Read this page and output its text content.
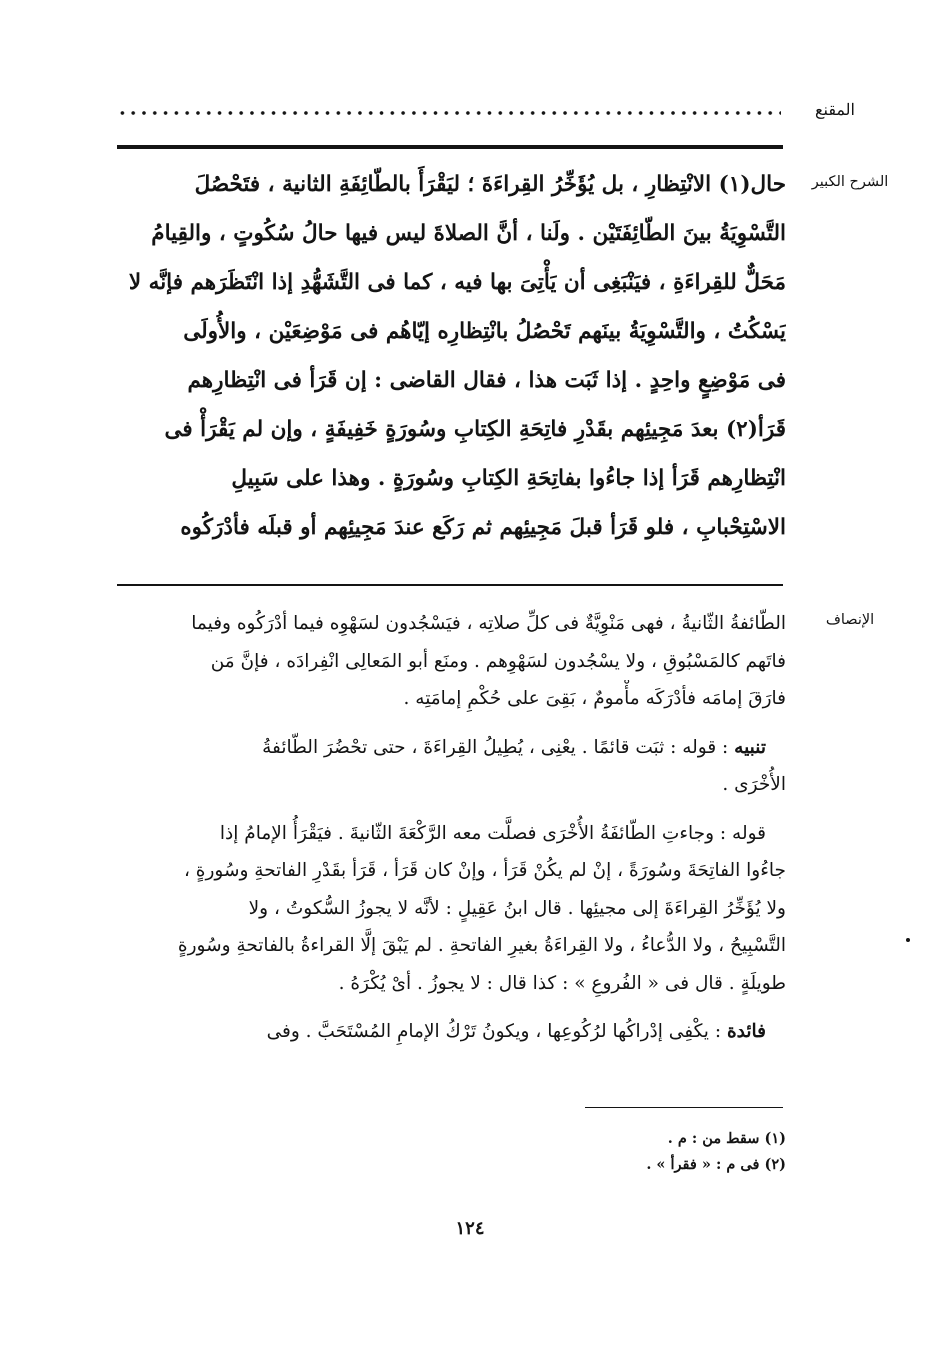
المقنع
الشرح الكبير
حال(١) الانْتِظارِ ، بل يُؤَخِّرُ القِراءَةَ ؛ ليَقْرَأَ بالطّائِفَةِ الثانية ، فتَحْصُلَ
التَّسْوِيَةُ بينَ الطّائِفَتَيْن . ولَنا ، أنَّ الصلاةَ ليس فيها حالُ سُكُوتٍ ، والقِيامُ
مَحَلٌّ للقِراءَةِ ، فيَنْبَغِى أن يَأْتِىَ بها فيه ، كما فى التَّشَهُّدِ إذا انْتَظَرَهم فإنَّه لا
يَسْكُتُ ، والتَّسْوِيَةُ بينَهم تَحْصُلُ بانْتِظارِه إيّاهُم فى مَوْضِعَيْن ، والأُولَى
فى مَوْضِعٍ واحِدٍ . إذا ثَبَت هذا ، فقال القاضى : إن قَرَأ فى انْتِظارِهم
قَرَأ(٢) بعدَ مَجِيئِهم بقَدْرِ فاتِحَةِ الكِتابِ وسُورَةٍ خَفِيفَةٍ ، وإن لم يَقْرَأْ فى
انْتِظارِهم قَرَأ إذا جاءُوا بفاتِحَةِ الكِتابِ وسُورَةٍ . وهذا على سَبِيلِ
الاسْتِحْبابِ ، فلو قَرَأ قبلَ مَجِيئِهم ثم رَكَع عندَ مَجِيئِهم أو قبلَه فأدْرَكُوه
الإنصاف
الطّائفةُ الثّانيةُ ، فهى مَنْوِيَّةٌ فى كلِّ صلاتِه ، فيَسْجُدون لسَهْوِه فيما أدْرَكُوه وفيما
فاتَهم كالمَسْبُوقِ ، ولا يسْجُدون لسَهْوِهم . ومنَع أبو المَعالِى انْفِرادَه ، فإنَّ مَن
فارَقَ إمامَه فأدْرَكَه مأْمومٌ ، بَقِىَ على حُكْمِ إمامَتِه .
تنبيه : قوله : ثبَت قائمًا . يعْنِى ، يُطِيلُ القِراءَةَ ، حتى تحْضُرَ الطّائفةُ
الأُخْرَى .
قوله : وجاءتِ الطّائفَةُ الأُخْرَى فصلَّت معه الرَّكْعَةَ الثّانيةَ . فيَقْرَأُ الإمامُ إذا
جاءُوا الفاتِحَةَ وسُورَةً ، إنْ لم يكُنْ قَرَأ ، وإنْ كان قَرَأ ، قَرَأ بقَدْرِ الفاتحةِ وسُورةٍ ،
ولا يُؤَخِّرُ القِراءَةَ إلى مجيئِها . قال ابنُ عَقِيلٍ : لأنَّه لا يجوزُ السُّكوتُ ، ولا
التَّسْبِيحُ ، ولا الدُّعاءُ ، ولا القِراءَةُ بغيرِ الفاتحةِ . لم يَبْقَ إلَّا القراءةُ بالفاتحةِ وسُورةٍ
طويلَةٍ . قال فى « الفُروعِ » : كذا قال : لا يجوزُ . أىْ يُكْرَهُ .
فائدة : يكْفِى إدْراكُها لرُكُوعِها ، ويكونُ تَرْكُ الإمامِ المُسْتَحَبَّ . وفى
(١) سقط من : م .
(٢) فى م : « فقرأ » .
١٢٤
